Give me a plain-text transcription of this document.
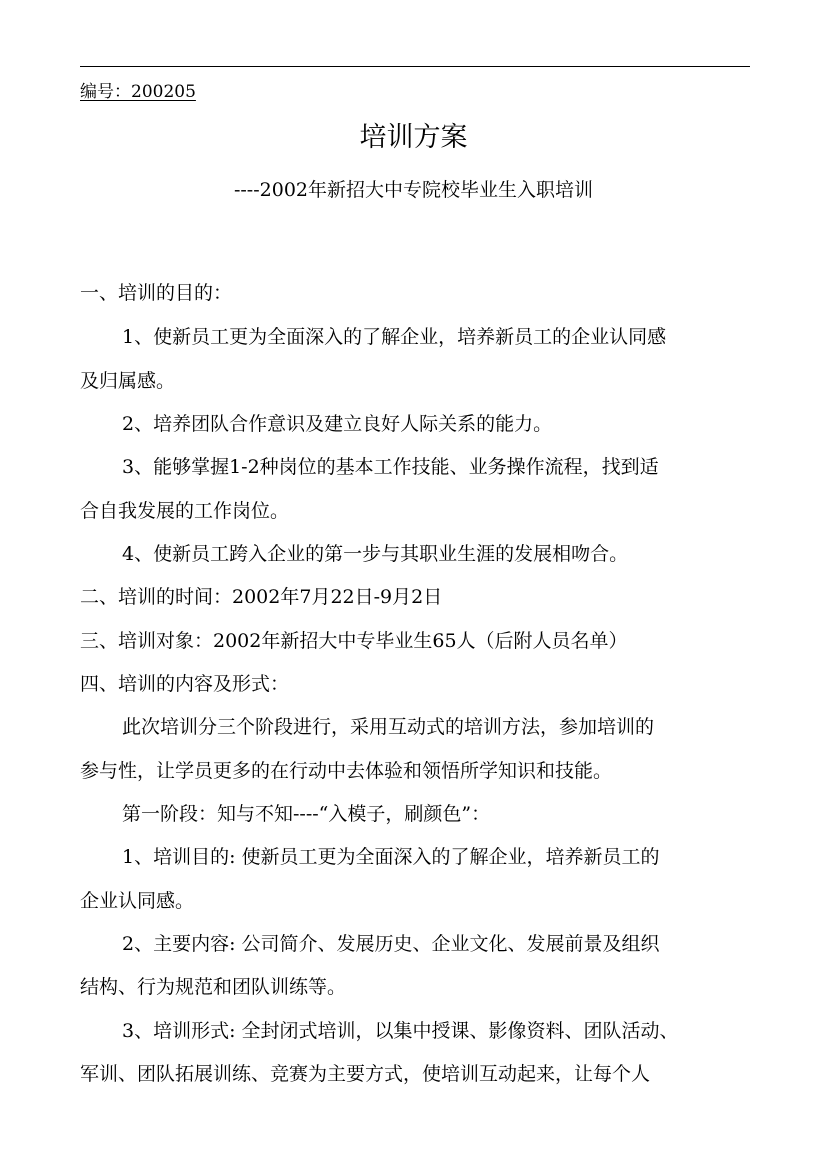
编号：200205
培训方案
----2002年新招大中专院校毕业生入职培训
一、培训的目的：
1、使新员工更为全面深入的了解企业，培养新员工的企业认同感
及归属感。
2、培养团队合作意识及建立良好人际关系的能力。
3、能够掌握1-2种岗位的基本工作技能、业务操作流程，找到适
合自我发展的工作岗位。
4、使新员工跨入企业的第一步与其职业生涯的发展相吻合。
二、培训的时间：2002年7月22日-9月2日
三、培训对象：2002年新招大中专毕业生65人（后附人员名单）
四、培训的内容及形式：
此次培训分三个阶段进行，采用互动式的培训方法，参加培训的
参与性，让学员更多的在行动中去体验和领悟所学知识和技能。
第一阶段：知与不知----“入模子，刷颜色”：
1、培训目的: 使新员工更为全面深入的了解企业，培养新员工的
企业认同感。
2、主要内容: 公司简介、发展历史、企业文化、发展前景及组织
结构、行为规范和团队训练等。
3、培训形式: 全封闭式培训，以集中授课、影像资料、团队活动、
军训、团队拓展训练、竞赛为主要方式，使培训互动起来，让每个人
